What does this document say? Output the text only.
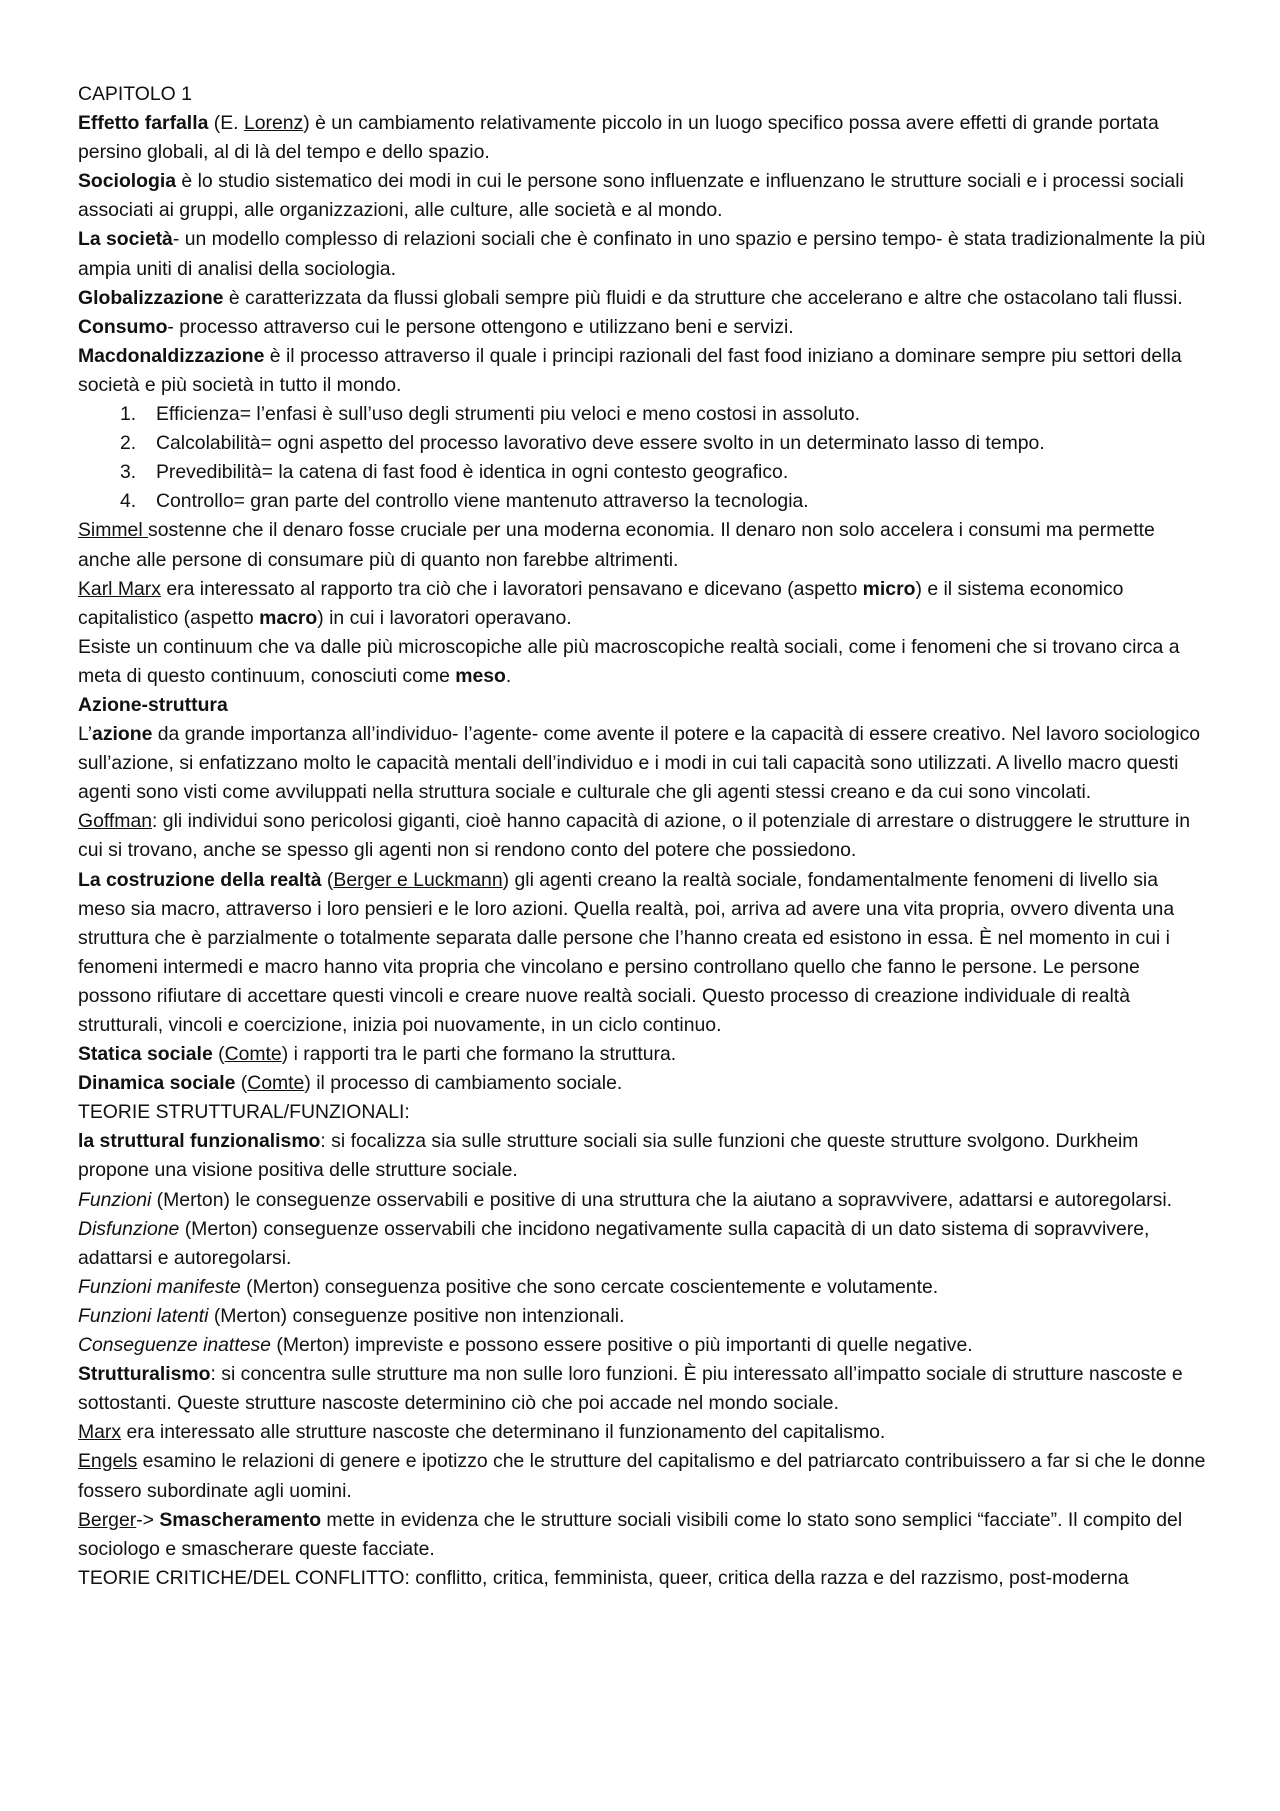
CAPITOLO 1

Effetto farfalla (E. Lorenz) è un cambiamento relativamente piccolo in un luogo specifico possa avere effetti di grande portata persino globali, al di là del tempo e dello spazio.

Sociologia è lo studio sistematico dei modi in cui le persone sono influenzate e influenzano le strutture sociali e i processi sociali associati ai gruppi, alle organizzazioni, alle culture, alle società e al mondo.

La società- un modello complesso di relazioni sociali che è confinato in uno spazio e persino tempo- è stata tradizionalmente la più ampia uniti di analisi della sociologia.

Globalizzazione è caratterizzata da flussi globali sempre più fluidi e da strutture che accelerano e altre che ostacolano tali flussi.

Consumo- processo attraverso cui le persone ottengono e utilizzano beni e servizi.

Macdonaldizzazione è il processo attraverso il quale i principi razionali del fast food iniziano a dominare sempre piu settori della società e più società in tutto il mondo.

1. Efficienza= l’enfasi è sull’uso degli strumenti piu veloci e meno costosi in assoluto.
2. Calcolabilità= ogni aspetto del processo lavorativo deve essere svolto in un determinato lasso di tempo.
3. Prevedibilità= la catena di fast food è identica in ogni contesto geografico.
4. Controllo= gran parte del controllo viene mantenuto attraverso la tecnologia.

Simmel sostenne che il denaro fosse cruciale per una moderna economia. Il denaro non solo accelera i consumi ma permette anche alle persone di consumare più di quanto non farebbe altrimenti.

Karl Marx era interessato al rapporto tra ciò che i lavoratori pensavano e dicevano (aspetto micro) e il sistema economico capitalistico (aspetto macro) in cui i lavoratori operavano.

Esiste un continuum che va dalle più microscopiche alle più macroscopiche realtà sociali, come i fenomeni che si trovano circa a meta di questo continuum, conosciuti come meso.

Azione-struttura

L’azione da grande importanza all’individuo- l’agente- come avente il potere e la capacità di essere creativo. Nel lavoro sociologico sull’azione, si enfatizzano molto le capacità mentali dell’individuo e i modi in cui tali capacità sono utilizzati. A livello macro questi agenti sono visti come avviluppati nella struttura sociale e culturale che gli agenti stessi creano e da cui sono vincolati.

Goffman: gli individui sono pericolosi giganti, cioè hanno capacità di azione, o il potenziale di arrestare o distruggere le strutture in cui si trovano, anche se spesso gli agenti non si rendono conto del potere che possiedono.

La costruzione della realtà (Berger e Luckmann) gli agenti creano la realtà sociale, fondamentalmente fenomeni di livello sia meso sia macro, attraverso i loro pensieri e le loro azioni. Quella realtà, poi, arriva ad avere una vita propria, ovvero diventa una struttura che è parzialmente o totalmente separata dalle persone che l’hanno creata ed esistono in essa. È nel momento in cui i fenomeni intermedi e macro hanno vita propria che vincolano e persino controllano quello che fanno le persone. Le persone possono rifiutare di accettare questi vincoli e creare nuove realtà sociali. Questo processo di creazione individuale di realtà strutturali, vincoli e coercizione, inizia poi nuovamente, in un ciclo continuo.

Statica sociale (Comte) i rapporti tra le parti che formano la struttura.

Dinamica sociale (Comte) il processo di cambiamento sociale.

TEORIE STRUTTURAL/FUNZIONALI:

la struttural funzionalismo: si focalizza sia sulle strutture sociali sia sulle funzioni che queste strutture svolgono. Durkheim propone una visione positiva delle strutture sociale.

Funzioni (Merton) le conseguenze osservabili e positive di una struttura che la aiutano a sopravvivere, adattarsi e autoregolarsi.

Disfunzione (Merton) conseguenze osservabili che incidono negativamente sulla capacità di un dato sistema di sopravvivere, adattarsi e autoregolarsi.

Funzioni manifeste (Merton) conseguenza positive che sono cercate coscientemente e volutamente.

Funzioni latenti (Merton) conseguenze positive non intenzionali.

Conseguenze inattese (Merton) impreviste e possono essere positive o più importanti di quelle negative.

Strutturalismo: si concentra sulle strutture ma non sulle loro funzioni. È piu interessato all’impatto sociale di strutture nascoste e sottostanti. Queste strutture nascoste determinino ciò che poi accade nel mondo sociale.

Marx era interessato alle strutture nascoste che determinano il funzionamento del capitalismo.

Engels esamino le relazioni di genere e ipotizzo che le strutture del capitalismo e del patriarcato contribuissero a far si che le donne fossero subordinate agli uomini.

Berger-> Smascheramento mette in evidenza che le strutture sociali visibili come lo stato sono semplici “facciate”. Il compito del sociologo e smascherare queste facciate.

TEORIE CRITICHE/DEL CONFLITTO: conflitto, critica, femminista, queer, critica della razza e del razzismo, post-moderna
